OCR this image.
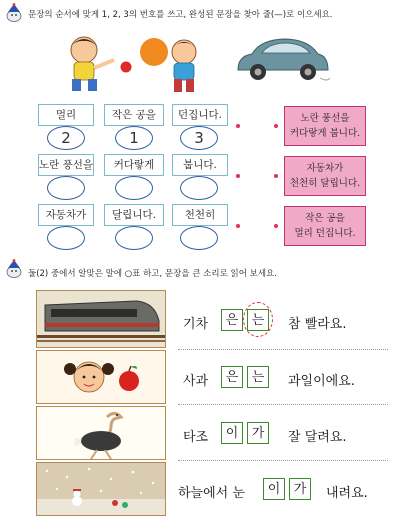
문장의 순서에 맞게 1, 2, 3의 번호를 쓰고, 완성된 문장을 찾아 줄(—)로 이으세요.
멀리	작은 공을	던집니다.
2	1	3
노란 풍선을	커다랗게	붑니다.
자동차가	달립니다.	천천히
노란 풍선을
커다랗게 붑니다.
자동차가
천천히 달립니다.
작은 공을
멀리 던집니다.
둘(2) 중에서 알맞은 말에 ○표 하고, 문장을 큰 소리로 읽어 보세요.
기차	은	는	참 빨라요.
사과	은	는	과일이에요.
타조	이	가	잘 달려요.
하늘에서 눈	이	가	내려요.
